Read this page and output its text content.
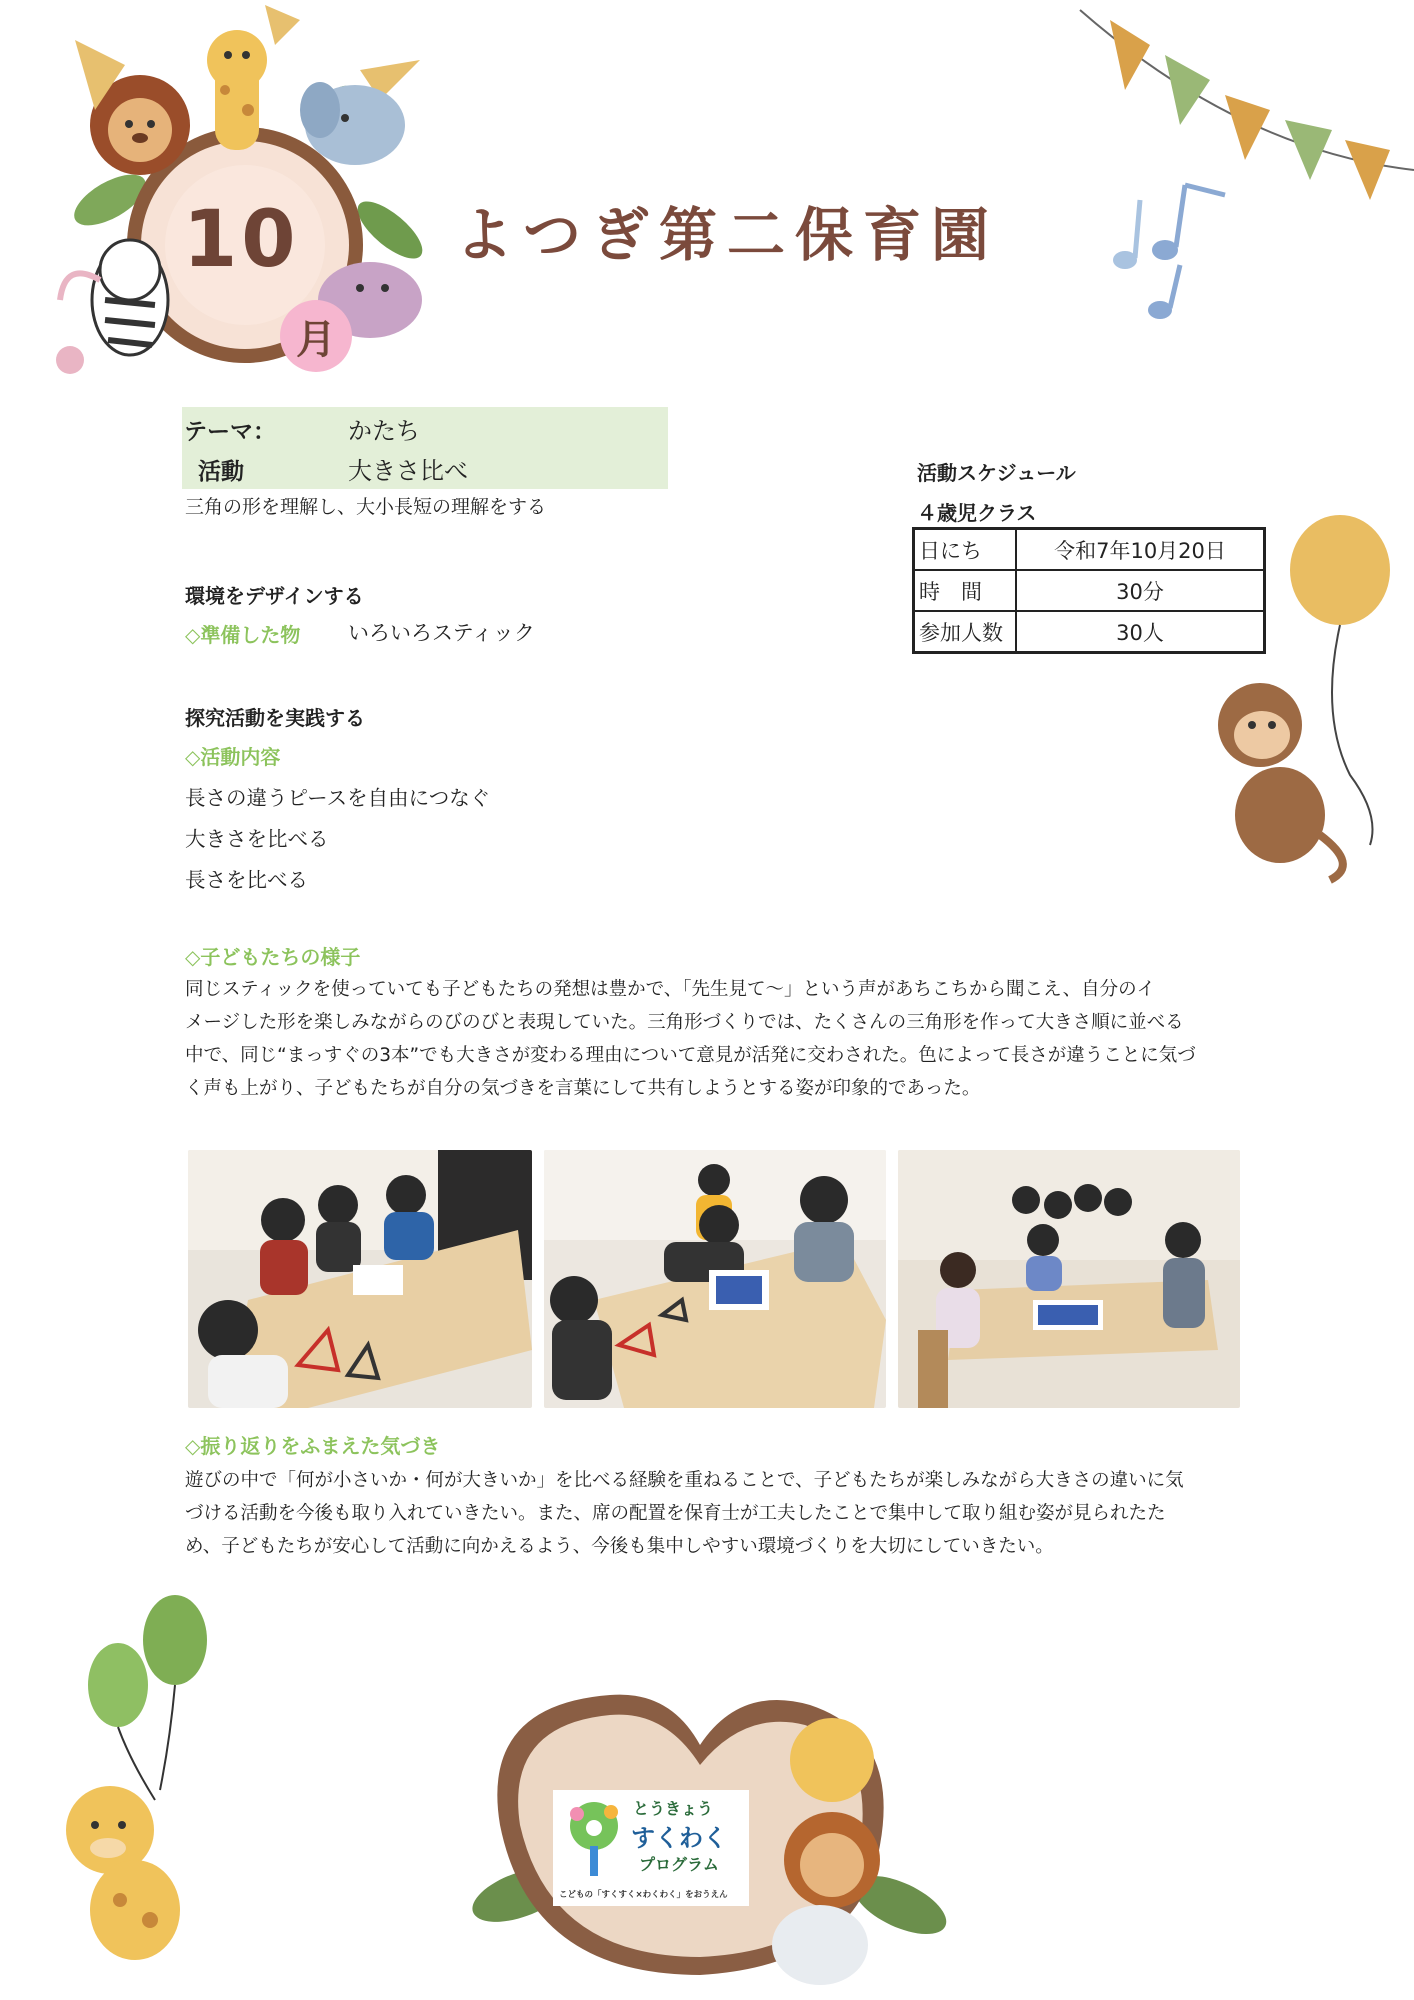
10
月
よつぎ第二保育園
テーマ：	かたち
活動	大きさ比べ
三角の形を理解し、大小長短の理解をする
環境をデザインする
◇準備した物 いろいろスティック
探究活動を実践する
◇活動内容
長さの違うピースを自由につなぐ
大きさを比べる
長さを比べる
◇子どもたちの様子
同じスティックを使っていても子どもたちの発想は豊かで、「先生見て〜」という声があちこちから聞こえ、自分のイ
メージした形を楽しみながらのびのびと表現していた。三角形づくりでは、たくさんの三角形を作って大きさ順に並べる
中で、同じ“まっすぐの3本”でも大きさが変わる理由について意見が活発に交わされた。色によって長さが違うことに気づ
く声も上がり、子どもたちが自分の気づきを言葉にして共有しようとする姿が印象的であった。
◇振り返りをふまえた気づき
遊びの中で「何が小さいか・何が大きいか」を比べる経験を重ねることで、子どもたちが楽しみながら大きさの違いに気
づける活動を今後も取り入れていきたい。また、席の配置を保育士が工夫したことで集中して取り組む姿が見られたた
め、子どもたちが安心して活動に向かえるよう、今後も集中しやすい環境づくりを大切にしていきたい。
活動スケジュール
４歳児クラス
日にち	令和7年10月20日
時　間	30分
参加人数	30人
とうきょう
すくわく
プログラム
こどもの「すくすく×わくわく」をおうえん
